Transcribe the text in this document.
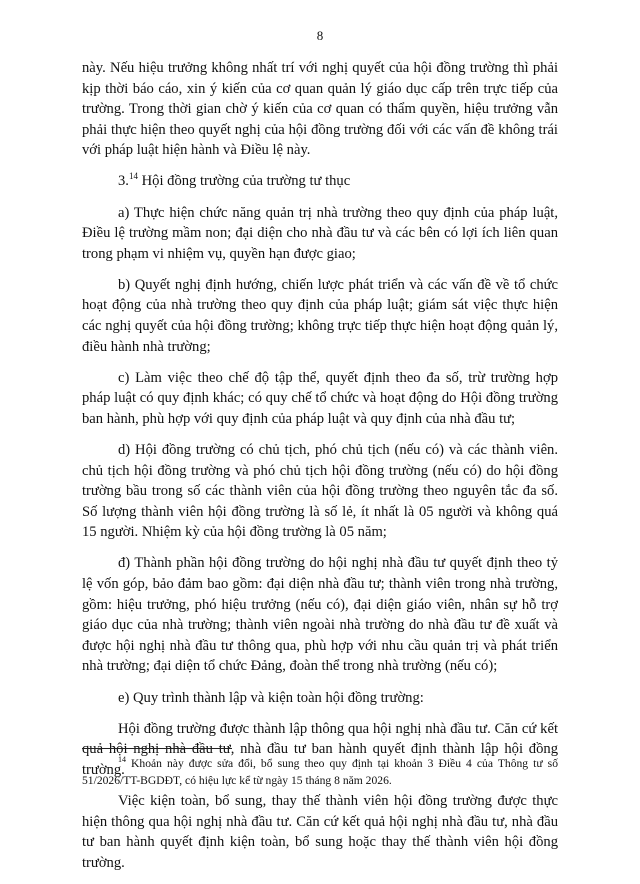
8

này. Nếu hiệu trưởng không nhất trí với nghị quyết của hội đồng trường thì phải kịp thời báo cáo, xin ý kiến của cơ quan quản lý giáo dục cấp trên trực tiếp của trường. Trong thời gian chờ ý kiến của cơ quan có thẩm quyền, hiệu trưởng vẫn phải thực hiện theo quyết nghị của hội đồng trường đối với các vấn đề không trái với pháp luật hiện hành và Điều lệ này.

3.14 Hội đồng trường của trường tư thục

a) Thực hiện chức năng quản trị nhà trường theo quy định của pháp luật, Điều lệ trường mầm non; đại diện cho nhà đầu tư và các bên có lợi ích liên quan trong phạm vi nhiệm vụ, quyền hạn được giao;

b) Quyết nghị định hướng, chiến lược phát triển và các vấn đề về tổ chức hoạt động của nhà trường theo quy định của pháp luật; giám sát việc thực hiện các nghị quyết của hội đồng trường; không trực tiếp thực hiện hoạt động quản lý, điều hành nhà trường;

c) Làm việc theo chế độ tập thể, quyết định theo đa số, trừ trường hợp pháp luật có quy định khác; có quy chế tổ chức và hoạt động do Hội đồng trường ban hành, phù hợp với quy định của pháp luật và quy định của nhà đầu tư;

d) Hội đồng trường có chủ tịch, phó chủ tịch (nếu có) và các thành viên. chủ tịch hội đồng trường và phó chủ tịch hội đồng trường (nếu có) do hội đồng trường bầu trong số các thành viên của hội đồng trường theo nguyên tắc đa số. Số lượng thành viên hội đồng trường là số lẻ, ít nhất là 05 người và không quá 15 người. Nhiệm kỳ của hội đồng trường là 05 năm;

đ) Thành phần hội đồng trường do hội nghị nhà đầu tư quyết định theo tỷ lệ vốn góp, bảo đảm bao gồm: đại diện nhà đầu tư; thành viên trong nhà trường, gồm: hiệu trưởng, phó hiệu trưởng (nếu có), đại diện giáo viên, nhân sự hỗ trợ giáo dục của nhà trường; thành viên ngoài nhà trường do nhà đầu tư đề xuất và được hội nghị nhà đầu tư thông qua, phù hợp với nhu cầu quản trị và phát triển nhà trường; đại diện tổ chức Đảng, đoàn thể trong nhà trường (nếu có);

e) Quy trình thành lập và kiện toàn hội đồng trường:

Hội đồng trường được thành lập thông qua hội nghị nhà đầu tư. Căn cứ kết quả hội nghị nhà đầu tư, nhà đầu tư ban hành quyết định thành lập hội đồng trường.

Việc kiện toàn, bổ sung, thay thế thành viên hội đồng trường được thực hiện thông qua hội nghị nhà đầu tư. Căn cứ kết quả hội nghị nhà đầu tư, nhà đầu tư ban hành quyết định kiện toàn, bổ sung hoặc thay thế thành viên hội đồng trường.

$^{14}$ Khoản này được sửa đổi, bổ sung theo quy định tại khoản 3 Điều 4 của Thông tư số 51/2026/TT-BGDĐT, có hiệu lực kể từ ngày 15 tháng 8 năm 2026.
